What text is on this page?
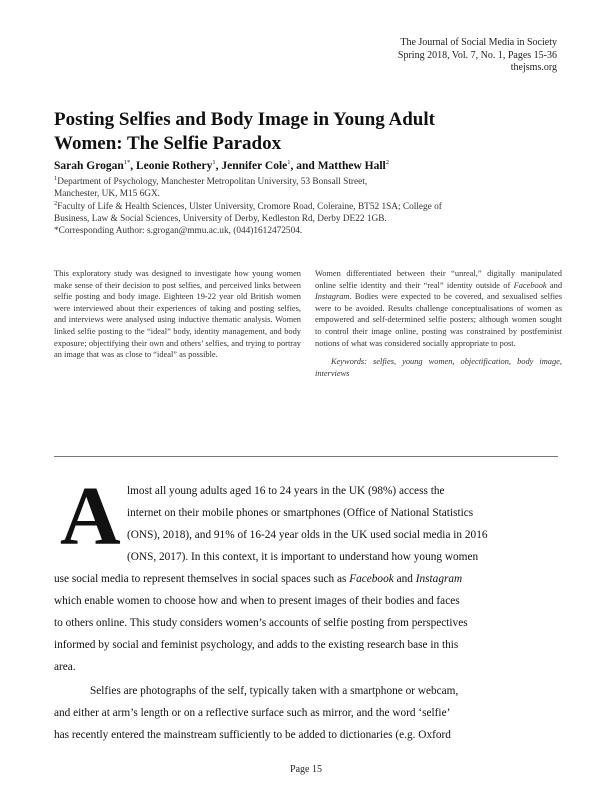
The Journal of Social Media in Society
Spring 2018, Vol. 7, No. 1, Pages 15-36
thejsms.org
Posting Selfies and Body Image in Young Adult
Women: The Selfie Paradox
Sarah Grogan$^{1*}$, Leonie Rothery$^1$, Jennifer Cole$^1$, and Matthew Hall$^2$
$^1$Department of Psychology, Manchester Metropolitan University, 53 Bonsall Street,
Manchester, UK, M15 6GX.
$^2$Faculty of Life & Health Sciences, Ulster University, Cromore Road, Coleraine, BT52 1SA; College of
Business, Law & Social Sciences, University of Derby, Kedleston Rd, Derby DE22 1GB.
*Corresponding Author: s.grogan@mmu.ac.uk, (044)1612472504.
This exploratory study was designed to investigate how young women make sense of their decision to post selfies, and perceived links between selfie posting and body image. Eighteen 19-22 year old British women were interviewed about their experiences of taking and posting selfies, and interviews were analysed using inductive thematic analysis. Women linked selfie posting to the “ideal” body, identity management, and body exposure; objectifying their own and others’ selfies, and trying to portray an image that was as close to “ideal” as possible.
Women differentiated between their “unreal,” digitally manipulated online selfie identity and their “real” identity outside of Facebook and Instagram. Bodies were expected to be covered, and sexualised selfies were to be avoided. Results challenge conceptualisations of women as empowered and self-determined selfie posters; although women sought to control their image online, posting was constrained by postfeminist notions of what was considered socially appropriate to post.
Keywords: selfies, young women, objectification, body image, interviews
A lmost all young adults aged 16 to 24 years in the UK (98%) access the
internet on their mobile phones or smartphones (Office of National Statistics
(ONS), 2018), and 91% of 16-24 year olds in the UK used social media in 2016
(ONS, 2017). In this context, it is important to understand how young women
use social media to represent themselves in social spaces such as Facebook and Instagram
which enable women to choose how and when to present images of their bodies and faces
to others online. This study considers women’s accounts of selfie posting from perspectives
informed by social and feminist psychology, and adds to the existing research base in this
area.
Selfies are photographs of the self, typically taken with a smartphone or webcam,
and either at arm’s length or on a reflective surface such as mirror, and the word ‘selfie’
has recently entered the mainstream sufficiently to be added to dictionaries (e.g. Oxford
Page 15
